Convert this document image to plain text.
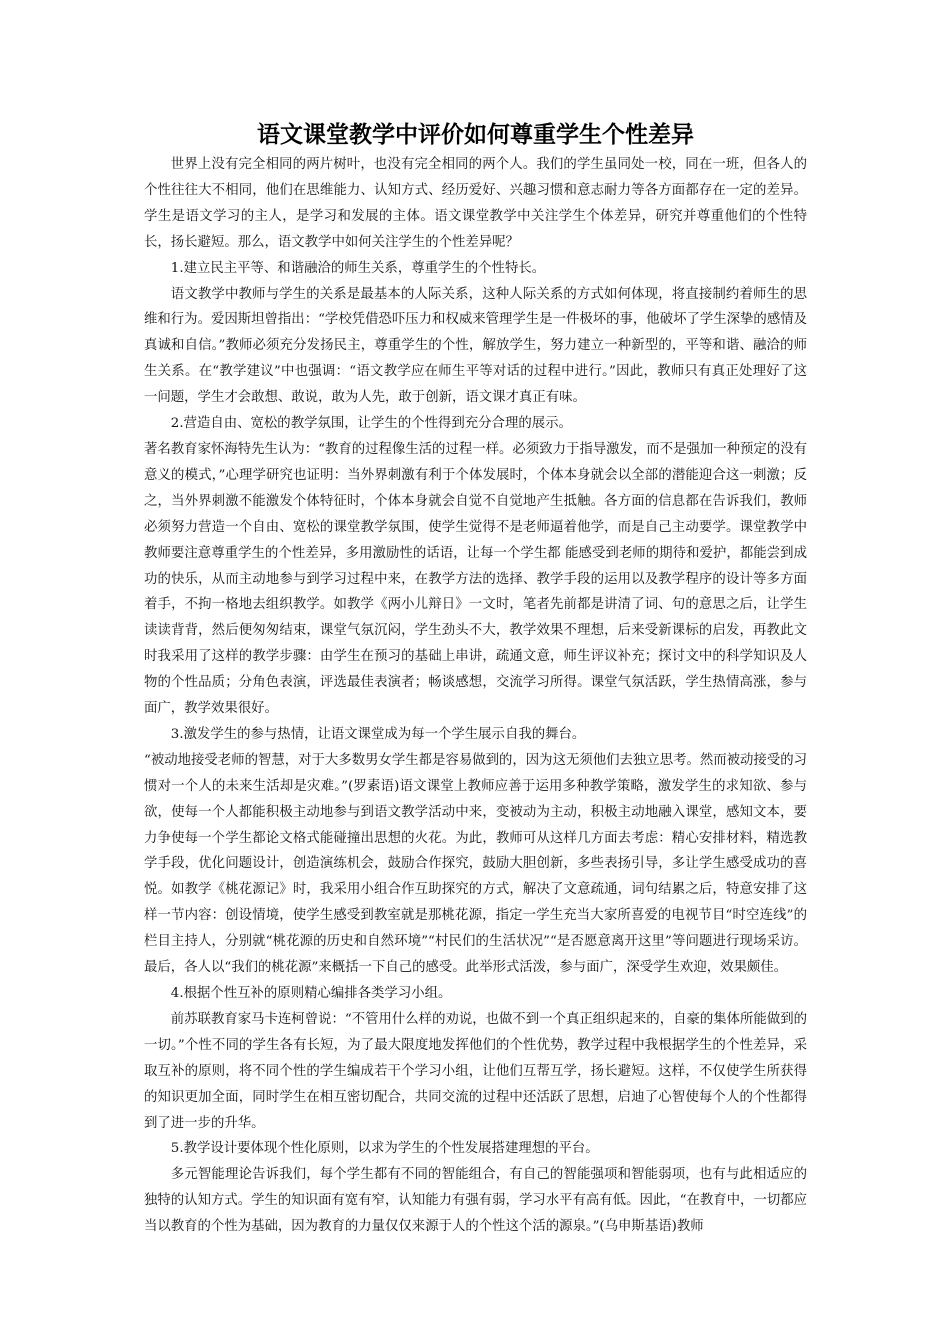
语文课堂教学中评价如何尊重学生个性差异

世界上没有完全相同的两片树叶，也没有完全相同的两个人。我们的学生虽同处一校，同在一班，但各人的个性往往大不相同，他们在思维能力、认知方式、经历爱好、兴趣习惯和意志耐力等各方面都存在一定的差异。学生是语文学习的主人，是学习和发展的主体。语文课堂教学中关注学生个体差异，研究并尊重他们的个性特长，扬长避短。那么，语文教学中如何关注学生的个性差异呢？

1.建立民主平等、和谐融洽的师生关系，尊重学生的个性特长。

语文教学中教师与学生的关系是最基本的人际关系，这种人际关系的方式如何体现，将直接制约着师生的思维和行为。爱因斯坦曾指出：“学校凭借恐吓压力和权威来管理学生是一件极坏的事，他破坏了学生深挚的感情及真诚和自信。”教师必须充分发扬民主，尊重学生的个性，解放学生，努力建立一种新型的，平等和谐、融洽的师生关系。在“教学建议”中也强调：“语文教学应在师生平等对话的过程中进行。”因此，教师只有真正处理好了这一问题，学生才会敢想、敢说，敢为人先，敢于创新，语文课才真正有味。

2.营造自由、宽松的教学氛围，让学生的个性得到充分合理的展示。

著名教育家怀海特先生认为：“教育的过程像生活的过程一样。必须致力于指导激发，而不是强加一种预定的没有意义的模式，”心理学研究也证明：当外界刺激有利于个体发展时，个体本身就会以全部的潜能迎合这一刺激；反之，当外界刺激不能激发个体特征时，个体本身就会自觉不自觉地产生抵触。各方面的信息都在告诉我们，教师必须努力营造一个自由、宽松的课堂教学氛围，使学生觉得不是老师逼着他学，而是自己主动要学。课堂教学中教师要注意尊重学生的个性差异，多用激励性的话语，让每一个学生都 能感受到老师的期待和爱护，都能尝到成功的快乐，从而主动地参与到学习过程中来，在教学方法的选择、教学手段的运用以及教学程序的设计等多方面着手，不拘一格地去组织教学。如教学《两小儿辩日》一文时，笔者先前都是讲清了词、句的意思之后，让学生读读背背，然后便匆匆结束，课堂气氛沉闷，学生劲头不大，教学效果不理想，后来受新课标的启发，再教此文时我采用了这样的教学步骤：由学生在预习的基础上串讲，疏通文意，师生评议补充；探讨文中的科学知识及人物的个性品质；分角色表演，评选最佳表演者；畅谈感想，交流学习所得。课堂气氛活跃，学生热情高涨，参与面广，教学效果很好。

3.激发学生的参与热情，让语文课堂成为每一个学生展示自我的舞台。

“被动地接受老师的智慧，对于大多数男女学生都是容易做到的，因为这无须他们去独立思考。然而被动接受的习惯对一个人的未来生活却是灾难。”(罗素语)语文课堂上教师应善于运用多种教学策略，激发学生的求知欲、参与欲，使每一个人都能积极主动地参与到语文教学活动中来，变被动为主动，积极主动地融入课堂，感知文本，要力争使每一个学生都论文格式能碰撞出思想的火花。为此，教师可从这样几方面去考虑：精心安排材料，精选教学手段，优化问题设计，创造演练机会，鼓励合作探究，鼓励大胆创新，多些表扬引导，多让学生感受成功的喜悦。如教学《桃花源记》时，我采用小组合作互助探究的方式，解决了文意疏通，词句结累之后，特意安排了这样一节内容：创设情境，使学生感受到教室就是那桃花源，指定一学生充当大家所喜爱的电视节目“时空连线”的栏目主持人，分别就“桃花源的历史和自然环境”“村民们的生活状况”“是否愿意离开这里”等问题进行现场采访。最后，各人以“我们的桃花源”来概括一下自己的感受。此举形式活泼，参与面广，深受学生欢迎，效果颇佳。

4.根据个性互补的原则精心编排各类学习小组。

前苏联教育家马卡连柯曾说：“不管用什么样的劝说，也做不到一个真正组织起来的，自豪的集体所能做到的一切。”个性不同的学生各有长短，为了最大限度地发挥他们的个性优势，教学过程中我根据学生的个性差异，采取互补的原则，将不同个性的学生编成若干个学习小组，让他们互帮互学，扬长避短。这样，不仅使学生所获得的知识更加全面，同时学生在相互密切配合，共同交流的过程中还活跃了思想，启迪了心智使每个人的个性都得到了进一步的升华。

5.教学设计要体现个性化原则，以求为学生的个性发展搭建理想的平台。

多元智能理论告诉我们，每个学生都有不同的智能组合，有自己的智能强项和智能弱项，也有与此相适应的独特的认知方式。学生的知识面有宽有窄，认知能力有强有弱，学习水平有高有低。因此，“在教育中，一切都应当以教育的个性为基础，因为教育的力量仅仅来源于人的个性这个活的源泉。”(乌申斯基语)教师
